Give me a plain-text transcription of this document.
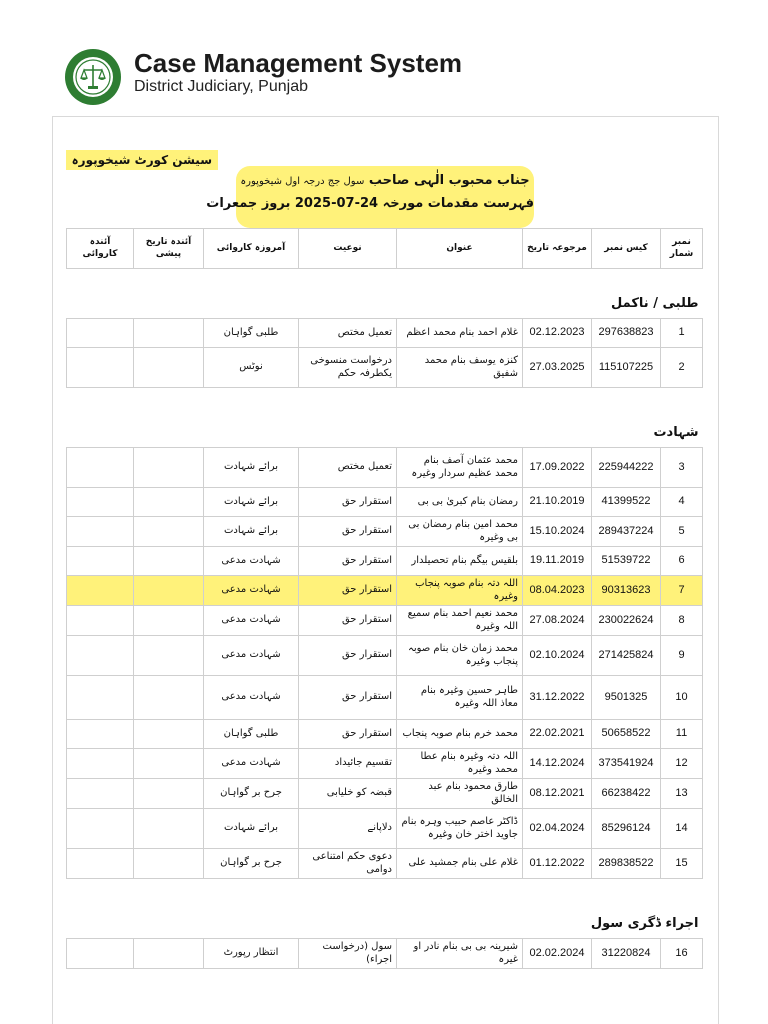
Case Management System
District Judiciary, Punjab
سیشن کورٹ شیخوپورہ
جناب محبوب الٰہی صاحب سول جج درجہ اول شیخوپورہ
فہرست مقدمات مورخہ 24-07-2025 بروز جمعرات
نمبر شمار	کیس نمبر	مرجوعہ تاریخ	عنوان	نوعیت	آمروزہ کاروائی	آئندہ تاریخ پیشی	آئندہ کاروائی
طلبی / ناکمل							
1	297638823	02.12.2023	غلام احمد بنام محمد اعظم	تعمیل مختص	طلبی گواہان		
2	115107225	27.03.2025	کنزہ یوسف بنام محمد شفیق	درخواست منسوخی یکطرفہ حکم	نوٹس		
شہادت							
3	225944222	17.09.2022	محمد عثمان آصف بنام محمد عظیم سردار وغیرہ	تعمیل مختص	برائے شہادت		
4	41399522	21.10.2019	رمضان بنام کبریٰ بی بی	استقرار حق	برائے شہادت		
5	289437224	15.10.2024	محمد امین بنام رمضان بی بی وغیرہ	استقرار حق	برائے شہادت		
6	51539722	19.11.2019	بلقیس بیگم بنام تحصیلدار	استقرار حق	شہادت مدعی		
7	90313623	08.04.2023	اللہ دتہ بنام صوبہ پنجاب وغیرہ	استقرار حق	شہادت مدعی		
8	230022624	27.08.2024	محمد نعیم احمد بنام سمیع اللہ وغیرہ	استقرار حق	شہادت مدعی		
9	271425824	02.10.2024	محمد زمان خان بنام صوبہ پنجاب وغیرہ	استقرار حق	شہادت مدعی		
10	9501325	31.12.2022	طاہر حسین وغیرہ بنام معاذ اللہ وغیرہ	استقرار حق	شہادت مدعی		
11	50658522	22.02.2021	محمد خرم بنام صوبہ پنجاب	استقرار حق	طلبی گواہان		
12	373541924	14.12.2024	اللہ دتہ وغیرہ بنام عطا محمد وغیرہ	تقسیم جائیداد	شہادت مدعی		
13	66238422	08.12.2021	طارق محمود بنام عبد الخالق	قبضہ کو خلیابی	جرح بر گواہان		
14	85296124	02.04.2024	ڈاکٹر عاصم حبیب وہرہ بنام جاوید اختر خان وغیرہ	دلاپانے	برائے شہادت		
15	289838522	01.12.2022	غلام علی بنام جمشید علی	دعوی حکم امتناعی دوامی	جرح بر گواہان		
اجراء ڈگری سول							
16	31220824	02.02.2024	شیرینہ بی بی بنام نادر او غیرہ	سول (درخواست اجراء)	انتظار رپورٹ		
